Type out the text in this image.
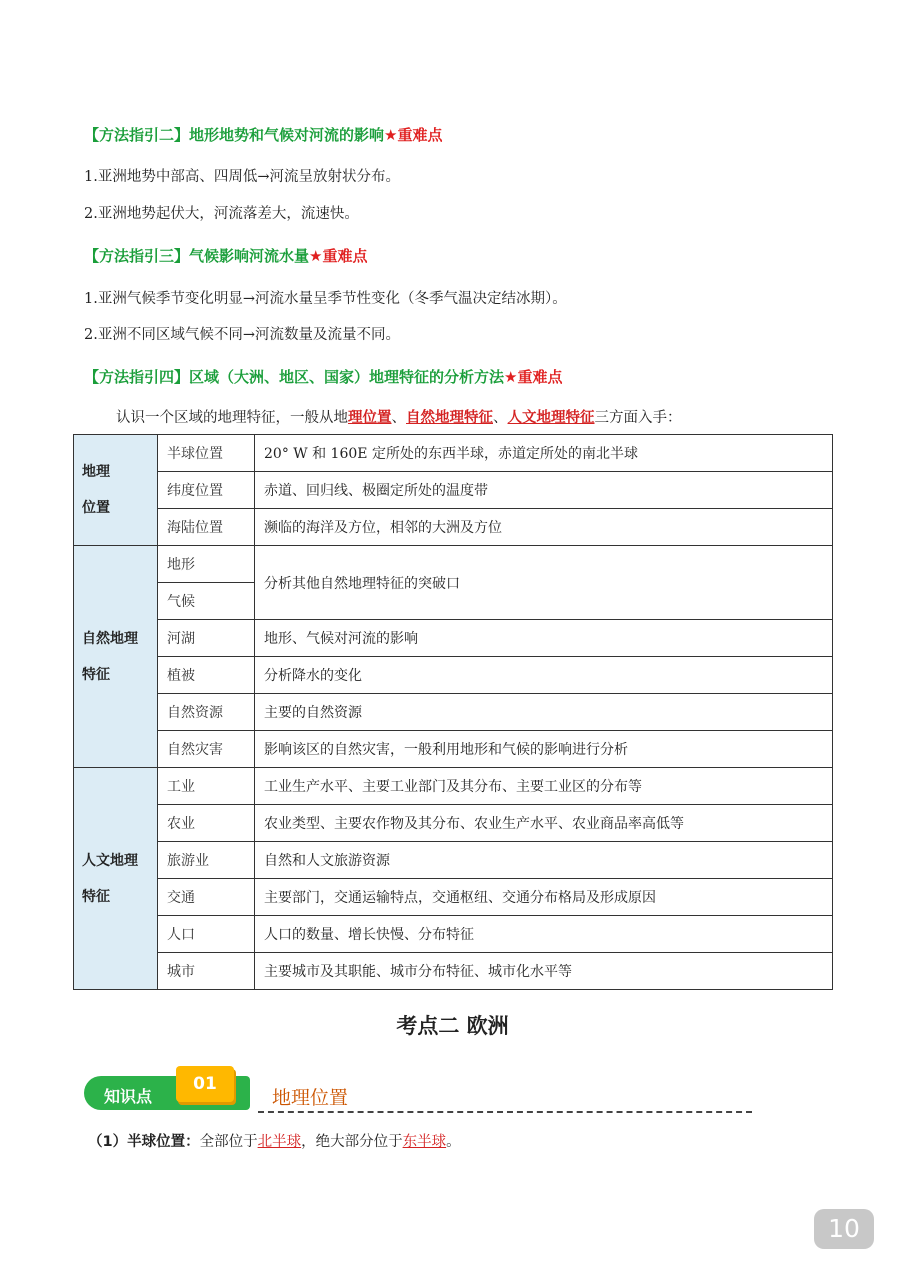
【方法指引二】地形地势和气候对河流的影响★重难点
1.亚洲地势中部高、四周低→河流呈放射状分布。
2.亚洲地势起伏大，河流落差大，流速快。
【方法指引三】气候影响河流水量★重难点
1.亚洲气候季节变化明显→河流水量呈季节性变化（冬季气温决定结冰期）。
2.亚洲不同区域气候不同→河流数量及流量不同。
【方法指引四】区域（大洲、地区、国家）地理特征的分析方法★重难点
认识一个区域的地理特征，一般从地理位置、自然地理特征、人文地理特征三方面入手：
地理
位置	半球位置	20° W 和 160E 定所处的东西半球，赤道定所处的南北半球
	纬度位置	赤道、回归线、极圈定所处的温度带
	海陆位置	濒临的海洋及方位，相邻的大洲及方位
自然地理
特征	地形	分析其他自然地理特征的突破口
	气候	
	河湖	地形、气候对河流的影响
	植被	分析降水的变化
	自然资源	主要的自然资源
	自然灾害	影响该区的自然灾害，一般利用地形和气候的影响进行分析
人文地理
特征	工业	工业生产水平、主要工业部门及其分布、主要工业区的分布等
	农业	农业类型、主要农作物及其分布、农业生产水平、农业商品率高低等
	旅游业	自然和人文旅游资源
	交通	主要部门，交通运输特点，交通枢纽、交通分布格局及形成原因
	人口	人口的数量、增长快慢、分布特征
	城市	主要城市及其职能、城市分布特征、城市化水平等
考点二 欧洲
知识点
01
地理位置
（1）半球位置：全部位于北半球，绝大部分位于东半球。
10
